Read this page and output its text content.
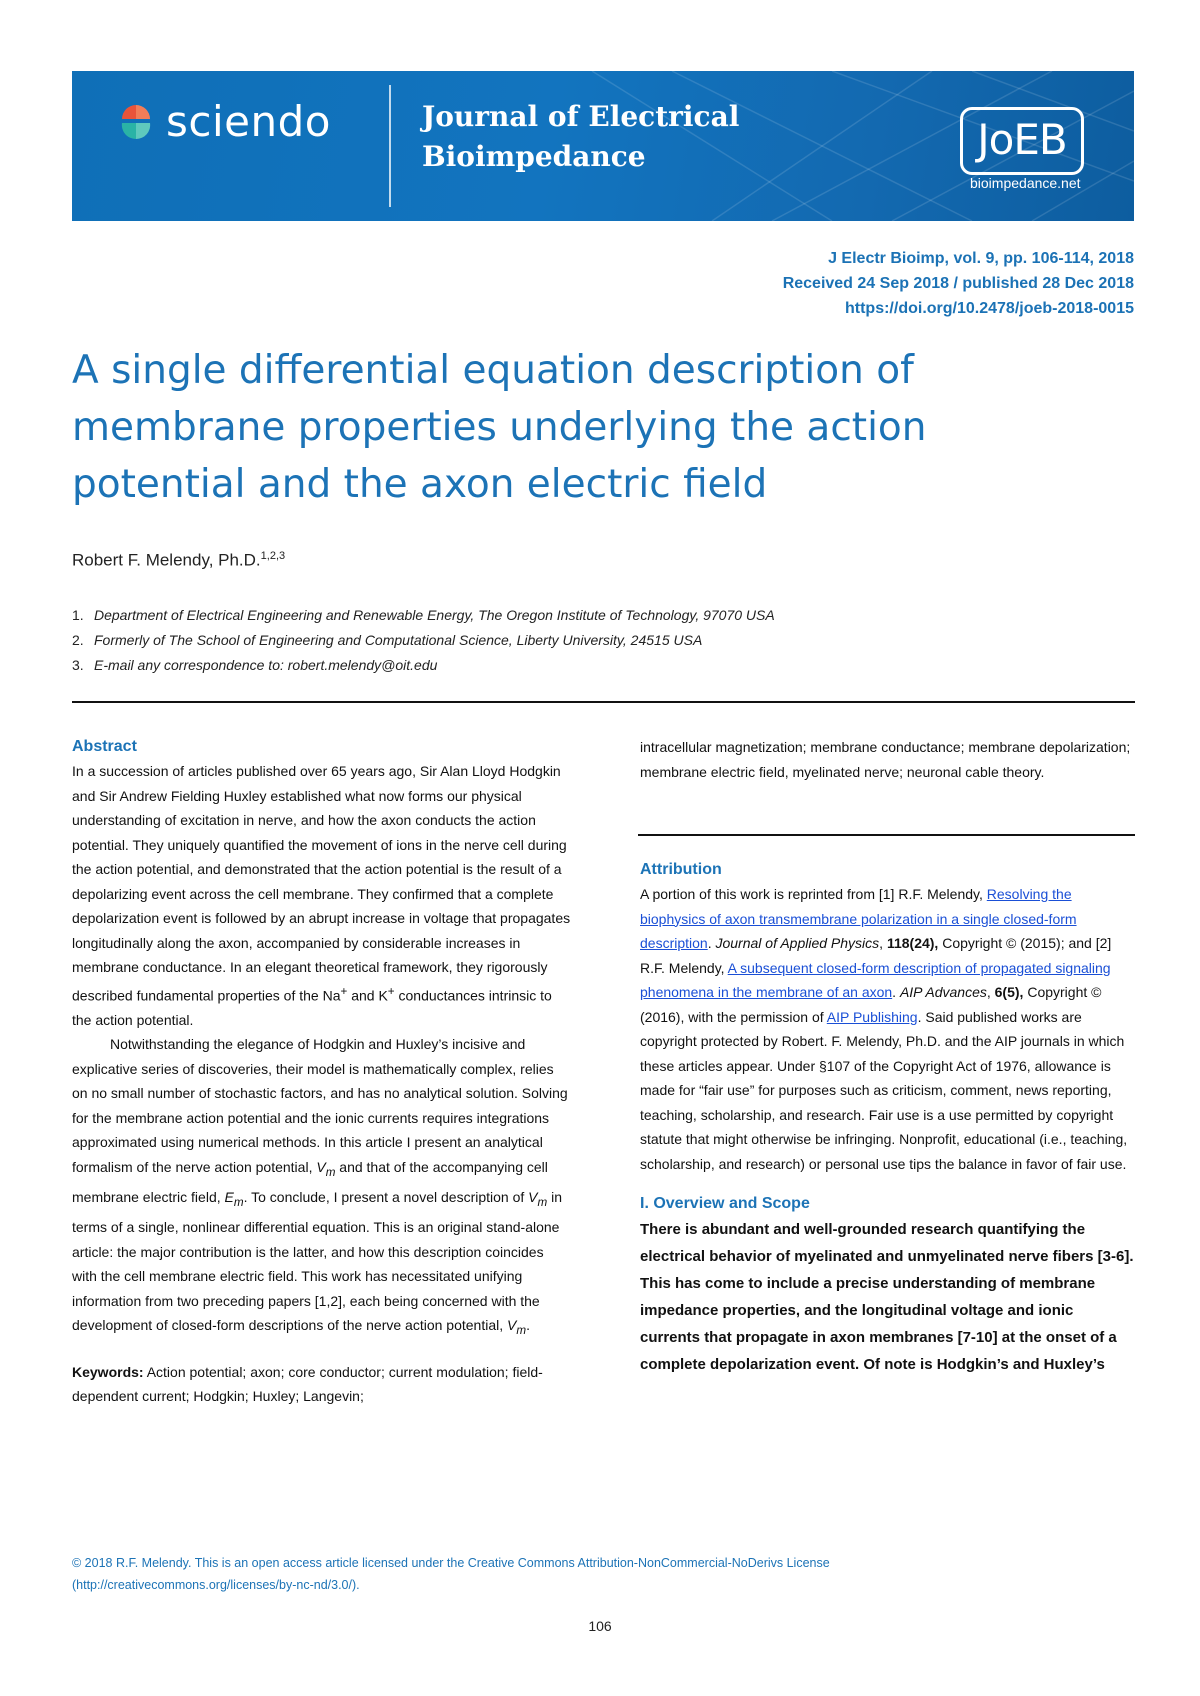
sciendo	Journal of Electrical
Bioimpedance	JoEB
bioimpedance.net
J Electr Bioimp, vol. 9, pp. 106-114, 2018
Received 24 Sep 2018 / published 28 Dec 2018
https://doi.org/10.2478/joeb-2018-0015
A single differential equation description of
membrane properties underlying the action
potential and the axon electric field
Robert F. Melendy, Ph.D.$^{1,2,3}$
1. Department of Electrical Engineering and Renewable Energy, The Oregon Institute of Technology, 97070 USA
2. Formerly of The School of Engineering and Computational Science, Liberty University, 24515 USA
3. E-mail any correspondence to: robert.melendy@oit.edu
Abstract

In a succession of articles published over 65 years ago, Sir Alan Lloyd Hodgkin and Sir Andrew Fielding Huxley established what now forms our physical understanding of excitation in nerve, and how the axon conducts the action potential. They uniquely quantified the movement of ions in the nerve cell during the action potential, and demonstrated that the action potential is the result of a depolarizing event across the cell membrane. They confirmed that a complete depolarization event is followed by an abrupt increase in voltage that propagates longitudinally along the axon, accompanied by considerable increases in membrane conductance. In an elegant theoretical framework, they rigorously described fundamental properties of the Na+ and K+ conductances intrinsic to the action potential.

Notwithstanding the elegance of Hodgkin and Huxley’s incisive and explicative series of discoveries, their model is mathematically complex, relies on no small number of stochastic factors, and has no analytical solution. Solving for the membrane action potential and the ionic currents requires integrations approximated using numerical methods. In this article I present an analytical formalism of the nerve action potential, $V_m$ and that of the accompanying cell membrane electric field, $E_m$. To conclude, I present a novel description of $V_m$ in terms of a single, nonlinear differential equation. This is an original stand-alone article: the major contribution is the latter, and how this description coincides with the cell membrane electric field. This work has necessitated unifying information from two preceding papers [1,2], each being concerned with the development of closed-form descriptions of the nerve action potential, $V_m$.

Keywords: Action potential; axon; core conductor; current modulation; field-dependent current; Hodgkin; Huxley; Langevin;

intracellular magnetization; membrane conductance; membrane depolarization; membrane electric field, myelinated nerve; neuronal cable theory.

Attribution

A portion of this work is reprinted from [1] R.F. Melendy, Resolving the biophysics of axon transmembrane polarization in a single closed-form description. Journal of Applied Physics, 118(24), Copyright © (2015); and [2] R.F. Melendy, A subsequent closed-form description of propagated signaling phenomena in the membrane of an axon. AIP Advances, 6(5), Copyright © (2016), with the permission of AIP Publishing. Said published works are copyright protected by Robert. F. Melendy, Ph.D. and the AIP journals in which these articles appear. Under §107 of the Copyright Act of 1976, allowance is made for “fair use” for purposes such as criticism, comment, news reporting, teaching, scholarship, and research. Fair use is a use permitted by copyright statute that might otherwise be infringing. Nonprofit, educational (i.e., teaching, scholarship, and research) or personal use tips the balance in favor of fair use.

I. Overview and Scope

There is abundant and well-grounded research quantifying the electrical behavior of myelinated and unmyelinated nerve fibers [3-6]. This has come to include a precise understanding of membrane impedance properties, and the longitudinal voltage and ionic currents that propagate in axon membranes [7-10] at the onset of a complete depolarization event. Of note is Hodgkin’s and Huxley’s

© 2018 R.F. Melendy. This is an open access article licensed under the Creative Commons Attribution-NonCommercial-NoDerivs License
(http://creativecommons.org/licenses/by-nc-nd/3.0/).
106
